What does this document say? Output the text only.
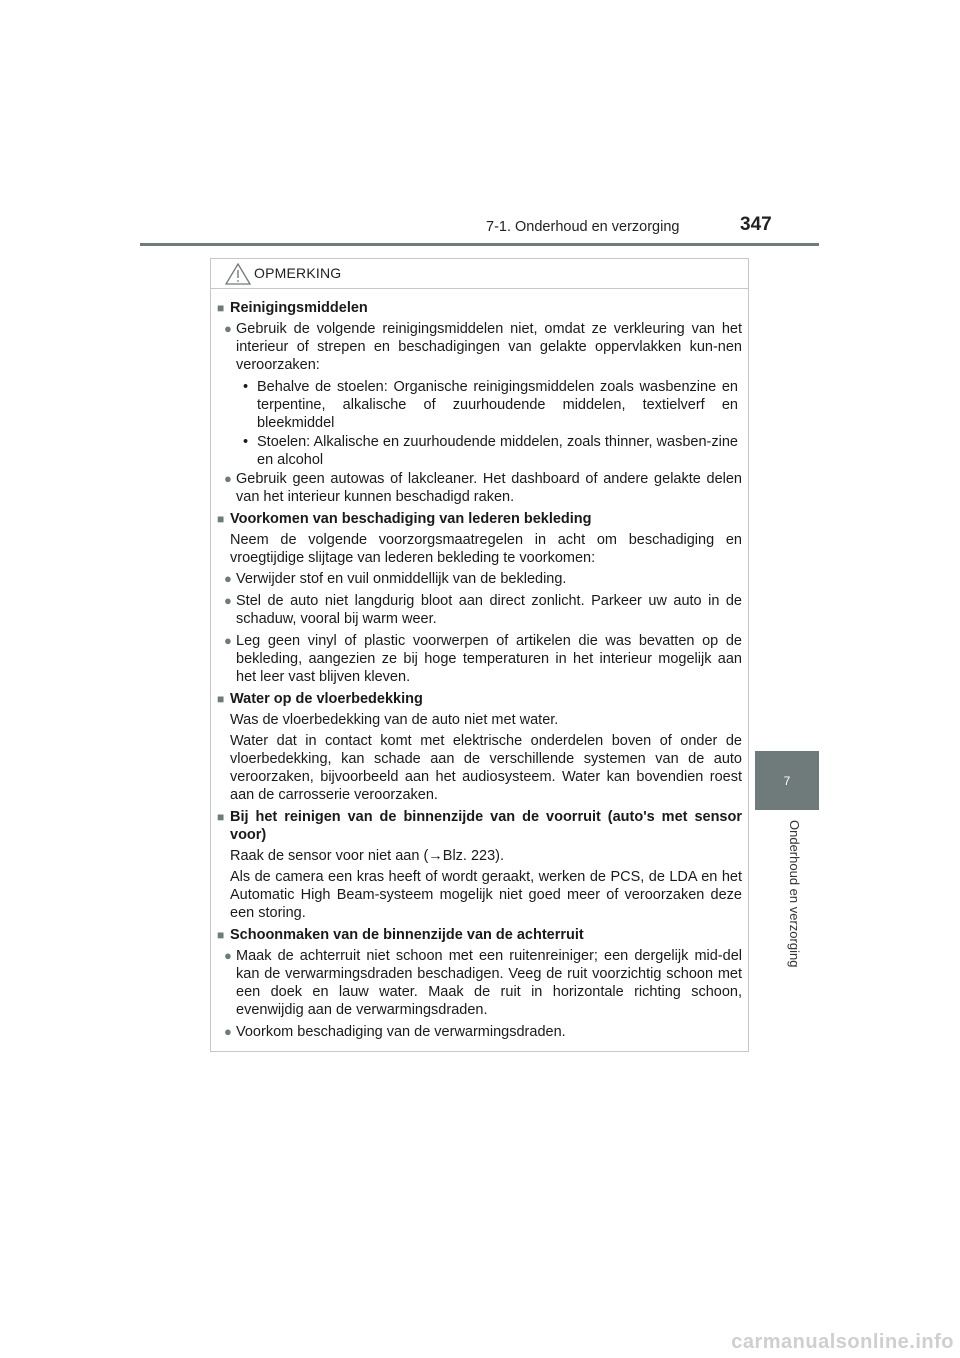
7-1. Onderhoud en verzorging	347
7
Onderhoud en verzorging
OPMERKING
■
Reinigingsmiddelen
●
Gebruik de volgende reinigingsmiddelen niet, omdat ze verkleuring van het interieur of strepen en beschadigingen van gelakte oppervlakken kun-nen veroorzaken:
•
Behalve de stoelen: Organische reinigingsmiddelen zoals wasbenzine en terpentine, alkalische of zuurhoudende middelen, textielverf en bleekmiddel
•
Stoelen: Alkalische en zuurhoudende middelen, zoals thinner, wasben-zine en alcohol
●
Gebruik geen autowas of lakcleaner. Het dashboard of andere gelakte delen van het interieur kunnen beschadigd raken.
■
Voorkomen van beschadiging van lederen bekleding
Neem de volgende voorzorgsmaatregelen in acht om beschadiging en vroegtijdige slijtage van lederen bekleding te voorkomen:
●
Verwijder stof en vuil onmiddellijk van de bekleding.
●
Stel de auto niet langdurig bloot aan direct zonlicht. Parkeer uw auto in de schaduw, vooral bij warm weer.
●
Leg geen vinyl of plastic voorwerpen of artikelen die was bevatten op de bekleding, aangezien ze bij hoge temperaturen in het interieur mogelijk aan het leer vast blijven kleven.
■
Water op de vloerbedekking
Was de vloerbedekking van de auto niet met water.
Water dat in contact komt met elektrische onderdelen boven of onder de vloerbedekking, kan schade aan de verschillende systemen van de auto veroorzaken, bijvoorbeeld aan het audiosysteem. Water kan bovendien roest aan de carrosserie veroorzaken.
■
Bij het reinigen van de binnenzijde van de voorruit (auto's met sensor voor)
Raak de sensor voor niet aan (→Blz. 223).
Als de camera een kras heeft of wordt geraakt, werken de PCS, de LDA en het Automatic High Beam-systeem mogelijk niet goed meer of veroorzaken deze een storing.
■
Schoonmaken van de binnenzijde van de achterruit
●
Maak de achterruit niet schoon met een ruitenreiniger; een dergelijk mid-del kan de verwarmingsdraden beschadigen. Veeg de ruit voorzichtig schoon met een doek en lauw water. Maak de ruit in horizontale richting schoon, evenwijdig aan de verwarmingsdraden.
●
Voorkom beschadiging van de verwarmingsdraden.
carmanualsonline.info
